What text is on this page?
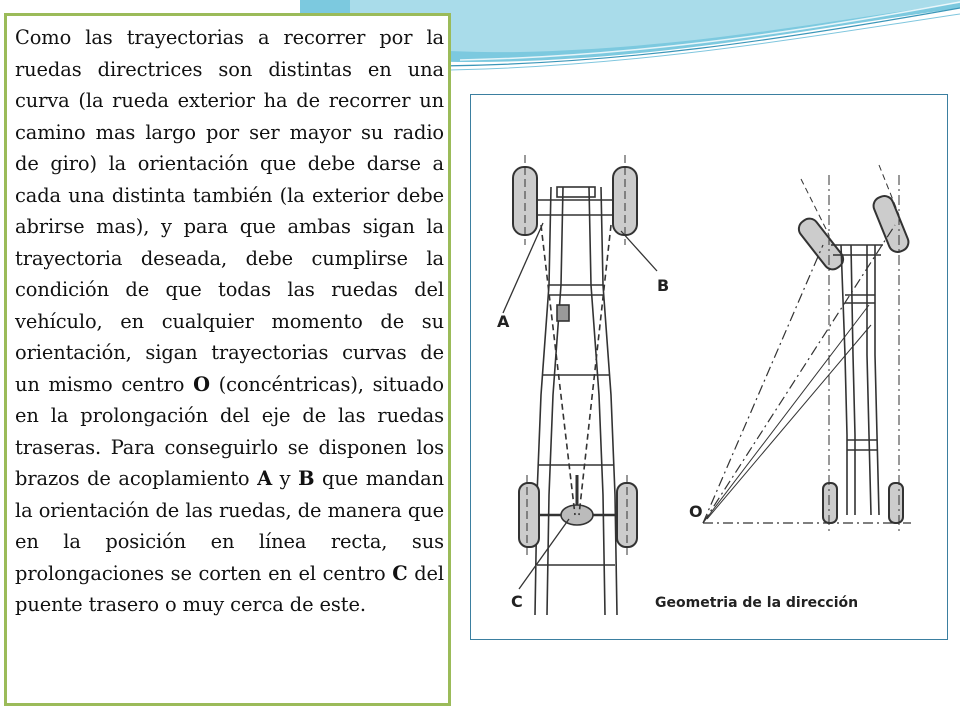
Como las trayectorias a recorrer por la ruedas directrices son distintas en una curva (la rueda exterior ha de recorrer un camino mas largo por ser mayor su radio de giro) la orientación que debe darse a cada una distinta también (la exterior debe abrirse mas), y para que ambas sigan la trayectoria deseada, debe cumplirse la condición de que todas las ruedas del vehículo, en cualquier momento de su orientación, sigan trayectorias curvas de un mismo centro O (concéntricas), situado en la prolongación del eje de las ruedas traseras. Para conseguirlo se disponen los brazos de acoplamiento A y B que mandan la orientación de las ruedas, de manera que en la posición en línea recta, sus prolongaciones se corten en el centro C del puente trasero o muy cerca de este.

A
B
C
O
Geometria de la dirección
